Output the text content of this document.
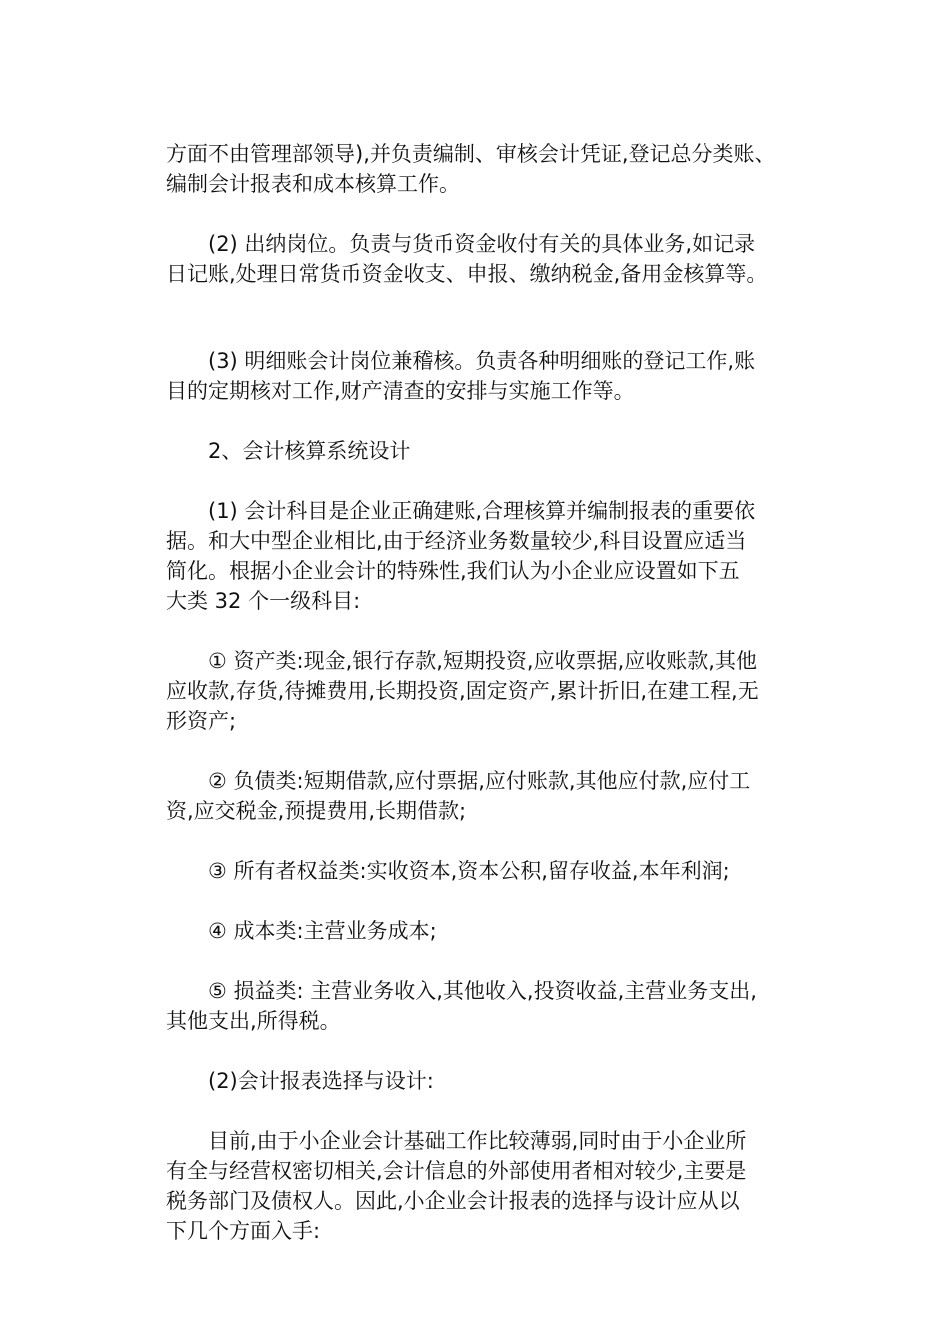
方面不由管理部领导),并负责编制、审核会计凭证,登记总分类账、
编制会计报表和成本核算工作。

(2) 出纳岗位。负责与货币资金收付有关的具体业务,如记录
日记账,处理日常货币资金收支、申报、缴纳税金,备用金核算等。

(3) 明细账会计岗位兼稽核。负责各种明细账的登记工作,账
目的定期核对工作,财产清查的安排与实施工作等。

2、会计核算系统设计

(1) 会计科目是企业正确建账,合理核算并编制报表的重要依
据。和大中型企业相比,由于经济业务数量较少,科目设置应适当
简化。根据小企业会计的特殊性,我们认为小企业应设置如下五
大类 32 个一级科目:

① 资产类:现金,银行存款,短期投资,应收票据,应收账款,其他
应收款,存货,待摊费用,长期投资,固定资产,累计折旧,在建工程,无
形资产;

② 负债类:短期借款,应付票据,应付账款,其他应付款,应付工
资,应交税金,预提费用,长期借款;

③ 所有者权益类:实收资本,资本公积,留存收益,本年利润;

④ 成本类:主营业务成本;

⑤ 损益类: 主营业务收入,其他收入,投资收益,主营业务支出,
其他支出,所得税。

(2)会计报表选择与设计:

目前,由于小企业会计基础工作比较薄弱,同时由于小企业所
有全与经营权密切相关,会计信息的外部使用者相对较少,主要是
税务部门及债权人。因此,小企业会计报表的选择与设计应从以
下几个方面入手:
